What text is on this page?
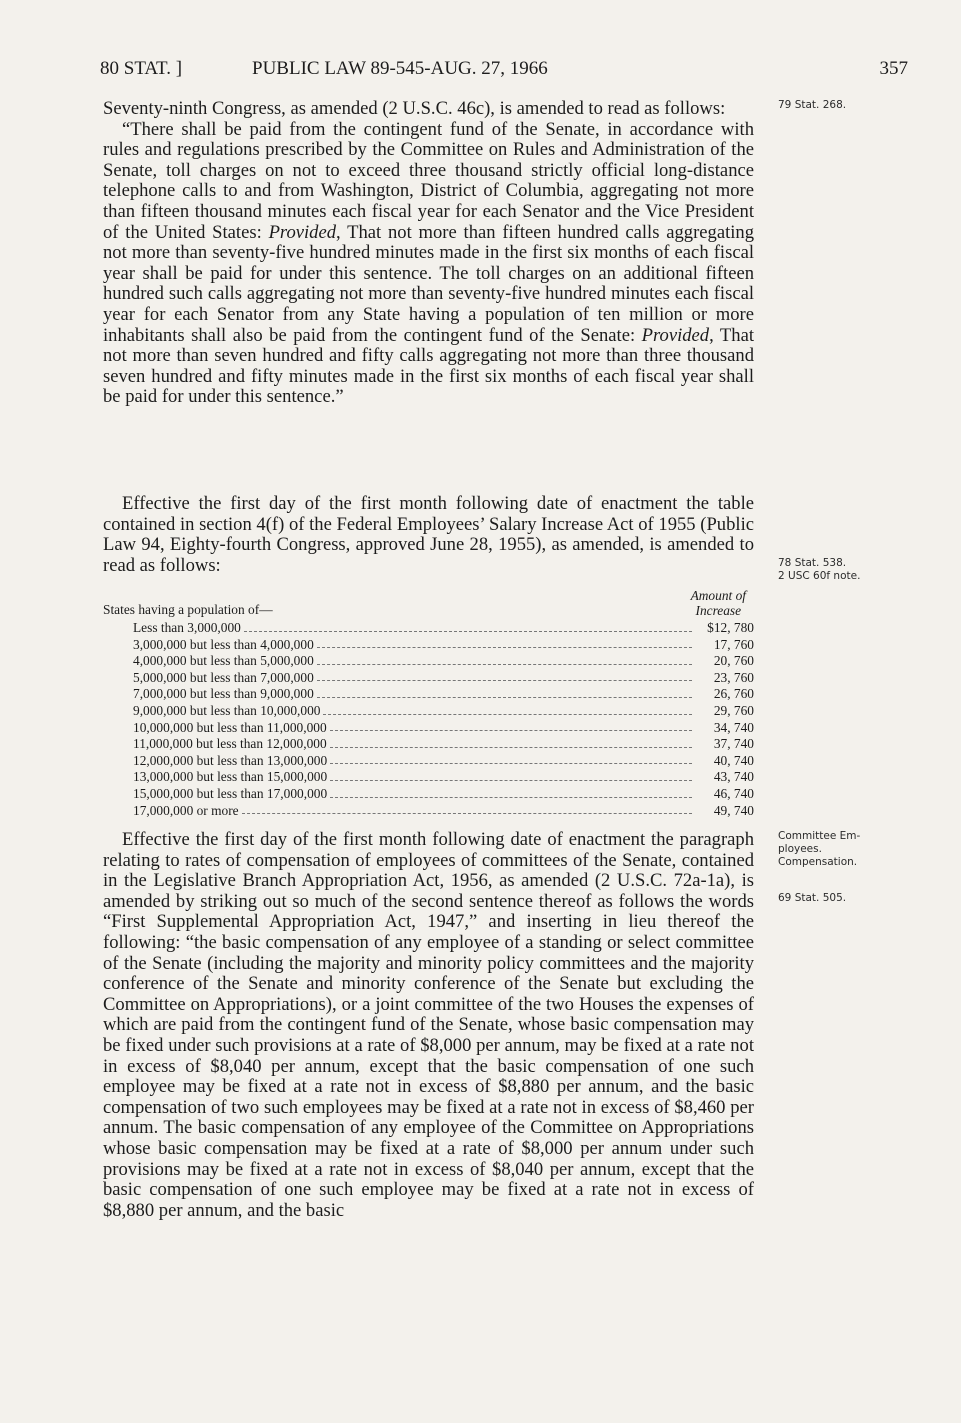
80 STAT. ]	PUBLIC LAW 89-545-AUG. 27, 1966	357

Seventy-ninth Congress, as amended (2 U.S.C. 46c), is amended to read as follows:

“There shall be paid from the contingent fund of the Senate, in accordance with rules and regulations prescribed by the Committee on Rules and Administration of the Senate, toll charges on not to exceed three thousand strictly official long-distance telephone calls to and from Washington, District of Columbia, aggregating not more than fifteen thousand minutes each fiscal year for each Senator and the Vice President of the United States: Provided, That not more than fifteen hundred calls aggregating not more than seventy-five hundred minutes made in the first six months of each fiscal year shall be paid for under this sentence. The toll charges on an additional fifteen hundred such calls aggregating not more than seventy-five hundred minutes each fiscal year for each Senator from any State having a population of ten million or more inhabitants shall also be paid from the contingent fund of the Senate: Provided, That not more than seven hundred and fifty calls aggregating not more than three thousand seven hundred and fifty minutes made in the first six months of each fiscal year shall be paid for under this sentence.”

Effective the first day of the first month following date of enactment the table contained in section 4(f) of the Federal Employees’ Salary Increase Act of 1955 (Public Law 94, Eighty-fourth Congress, approved June 28, 1955), as amended, is amended to read as follows:

States having a population of—
Amount of
Increase
Less than 3,000,000	$12, 780
3,000,000 but less than 4,000,000	17, 760
4,000,000 but less than 5,000,000	20, 760
5,000,000 but less than 7,000,000	23, 760
7,000,000 but less than 9,000,000	26, 760
9,000,000 but less than 10,000,000	29, 760
10,000,000 but less than 11,000,000	34, 740
11,000,000 but less than 12,000,000	37, 740
12,000,000 but less than 13,000,000	40, 740
13,000,000 but less than 15,000,000	43, 740
15,000,000 but less than 17,000,000	46, 740
17,000,000 or more	49, 740

Effective the first day of the first month following date of enactment the paragraph relating to rates of compensation of employees of committees of the Senate, contained in the Legislative Branch Appropriation Act, 1956, as amended (2 U.S.C. 72a-1a), is amended by striking out so much of the second sentence thereof as follows the words “First Supplemental Appropriation Act, 1947,” and inserting in lieu thereof the following: “the basic compensation of any employee of a standing or select committee of the Senate (including the majority and minority policy committees and the majority conference of the Senate and minority conference of the Senate but excluding the Committee on Appropriations), or a joint committee of the two Houses the expenses of which are paid from the contingent fund of the Senate, whose basic compensation may be fixed under such provisions at a rate of $8,000 per annum, may be fixed at a rate not in excess of $8,040 per annum, except that the basic compensation of one such employee may be fixed at a rate not in excess of $8,880 per annum, and the basic compensation of two such employees may be fixed at a rate not in excess of $8,460 per annum. The basic compensation of any employee of the Committee on Appropriations whose basic compensation may be fixed at a rate of $8,000 per annum under such provisions may be fixed at a rate not in excess of $8,040 per annum, except that the basic compensation of one such employee may be fixed at a rate not in excess of $8,880 per annum, and the basic

79 Stat. 268.
78 Stat. 538.
2 USC 60f note.
Committee Em-
ployees.
Compensation.
69 Stat. 505.
